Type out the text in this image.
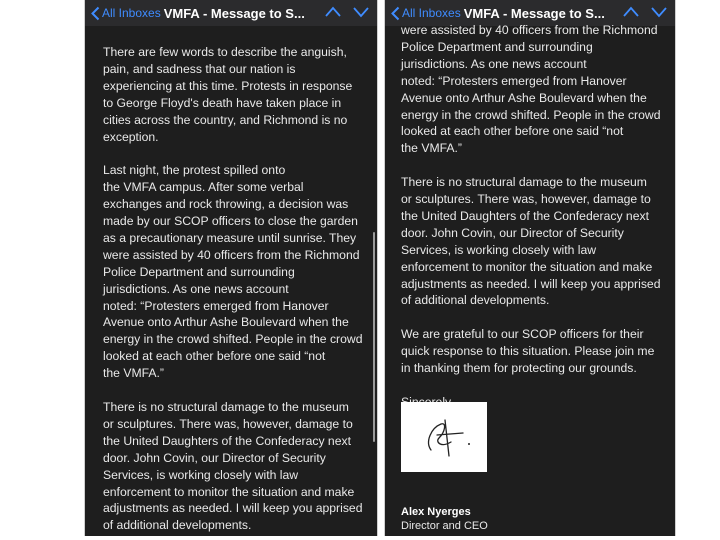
All Inboxes VMFA - Message to S...
There are few words to describe the anguish,
pain, and sadness that our nation is
experiencing at this time. Protests in response
to George Floyd's death have taken place in
cities across the country, and Richmond is no
exception.
Last night, the protest spilled onto
the VMFA campus. After some verbal
exchanges and rock throwing, a decision was
made by our SCOP officers to close the garden
as a precautionary measure until sunrise. They
were assisted by 40 officers from the Richmond
Police Department and surrounding
jurisdictions. As one news account
noted: “Protesters emerged from Hanover
Avenue onto Arthur Ashe Boulevard when the
energy in the crowd shifted. People in the crowd
looked at each other before one said “not
the VMFA.”
There is no structural damage to the museum
or sculptures. There was, however, damage to
the United Daughters of the Confederacy next
door. John Covin, our Director of Security
Services, is working closely with law
enforcement to monitor the situation and make
adjustments as needed. I will keep you apprised
of additional developments.
All Inboxes VMFA - Message to S...
were assisted by 40 officers from the Richmond
Police Department and surrounding
jurisdictions. As one news account
noted: “Protesters emerged from Hanover
Avenue onto Arthur Ashe Boulevard when the
energy in the crowd shifted. People in the crowd
looked at each other before one said “not
the VMFA.”
There is no structural damage to the museum
or sculptures. There was, however, damage to
the United Daughters of the Confederacy next
door. John Covin, our Director of Security
Services, is working closely with law
enforcement to monitor the situation and make
adjustments as needed. I will keep you apprised
of additional developments.
We are grateful to our SCOP officers for their
quick response to this situation. Please join me
in thanking them for protecting our grounds.
Alex Nyerges
Director and CEO
